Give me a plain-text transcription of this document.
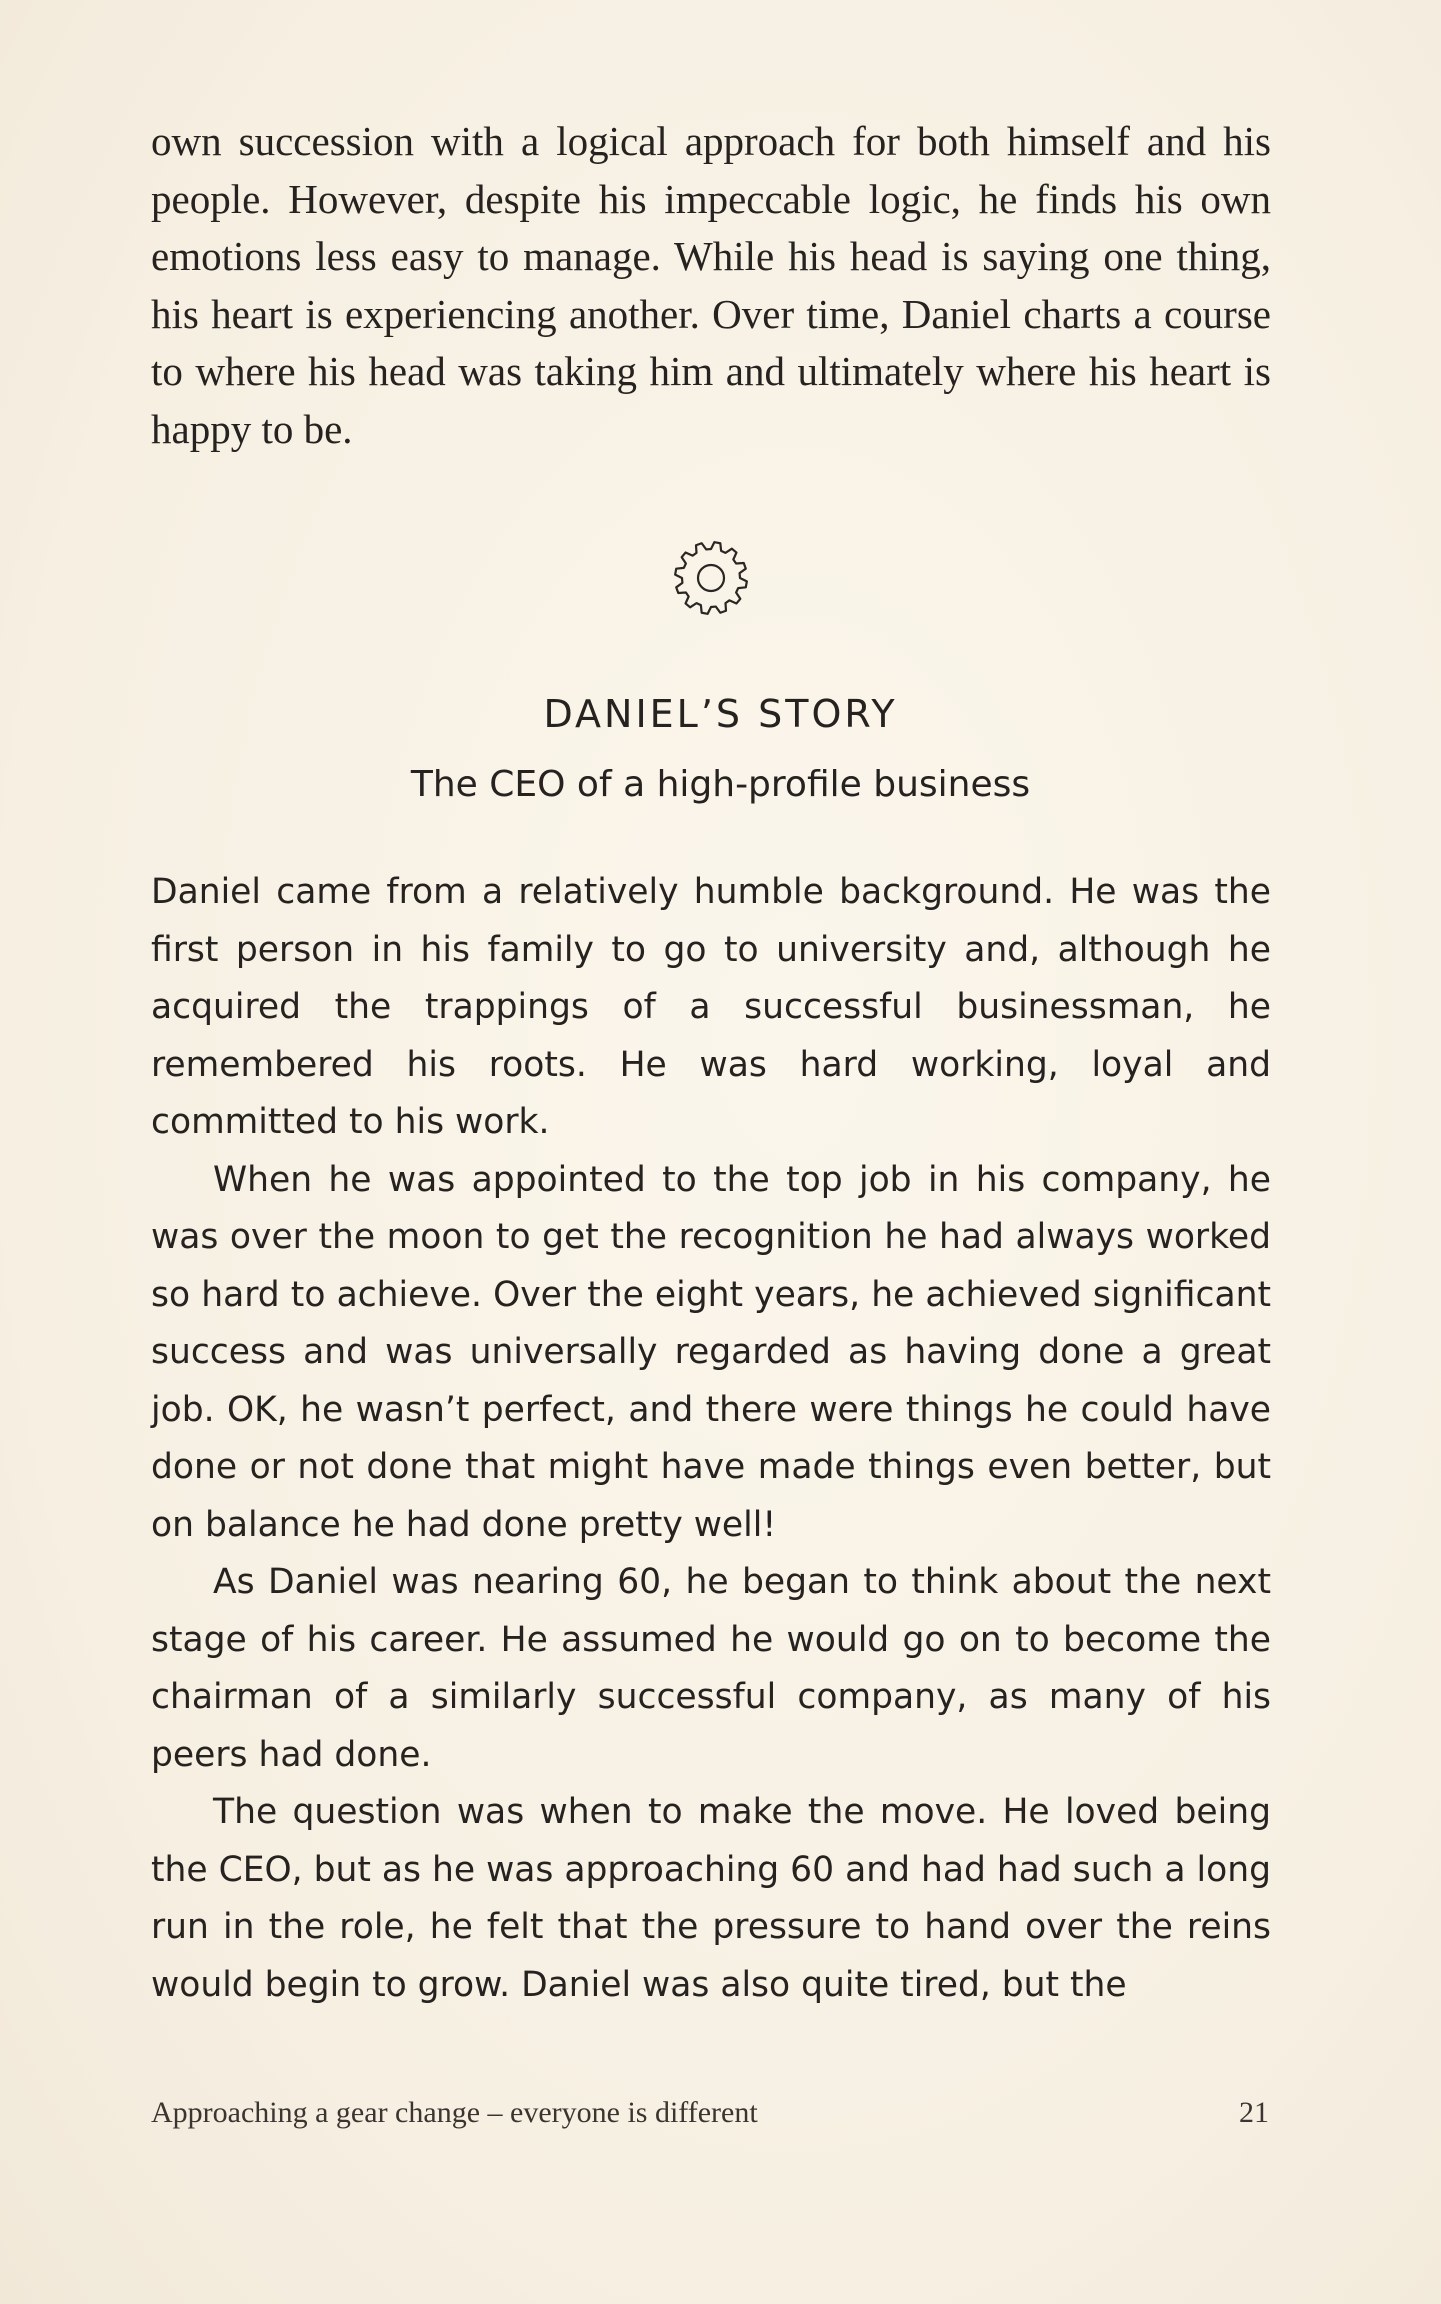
own succession with a logical approach for both himself and his people. However, despite his impeccable logic, he finds his own emotions less easy to manage. While his head is saying one thing, his heart is experiencing another. Over time, Daniel charts a course to where his head was taking him and ultimately where his heart is happy to be.

DANIEL’S STORY
The CEO of a high-profile business

Daniel came from a relatively humble background. He was the first person in his family to go to university and, although he acquired the trappings of a successful businessman, he remembered his roots. He was hard working, loyal and committed to his work.

When he was appointed to the top job in his company, he was over the moon to get the recognition he had always worked so hard to achieve. Over the eight years, he achieved significant success and was universally regarded as having done a great job. OK, he wasn’t perfect, and there were things he could have done or not done that might have made things even better, but on balance he had done pretty well!

As Daniel was nearing 60, he began to think about the next stage of his career. He assumed he would go on to become the chairman of a similarly successful company, as many of his peers had done.

The question was when to make the move. He loved being the CEO, but as he was approaching 60 and had had such a long run in the role, he felt that the pressure to hand over the reins would begin to grow. Daniel was also quite tired, but the

Approaching a gear change – everyone is different	21
